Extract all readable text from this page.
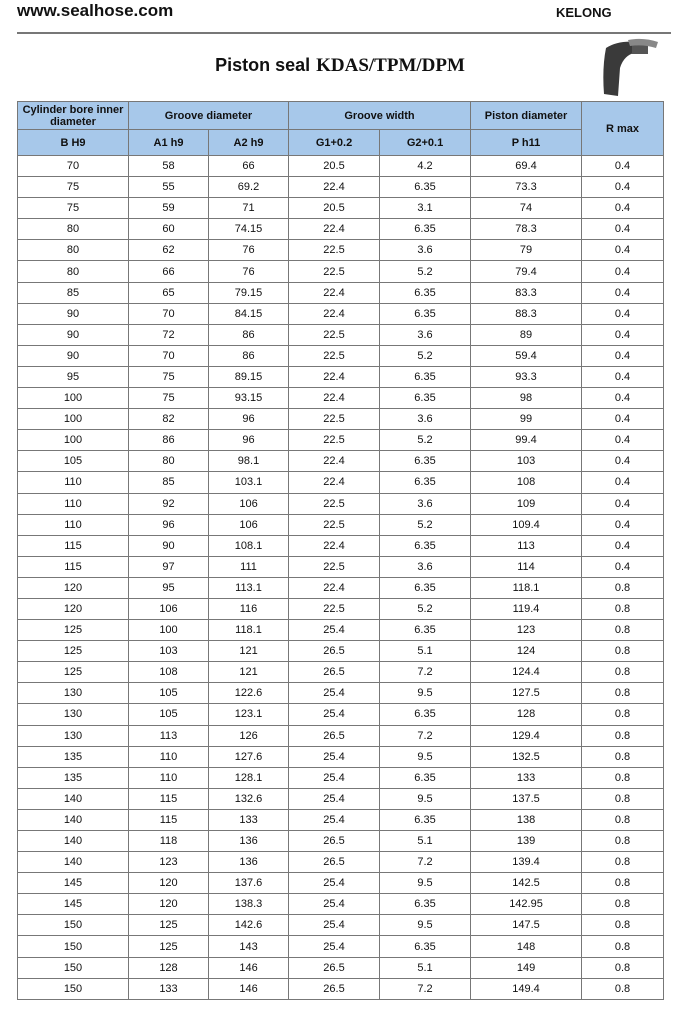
www.sealhose.com	KELONG
Piston seal KDAS/TPM/DPM
Cylinder bore inner diameter	Groove diameter		Groove width		Piston diameter	R max
B H9	A1 h9	A2 h9	G1+0.2	G2+0.1	P h11	
70	58	66	20.5	4.2	69.4	0.4
75	55	69.2	22.4	6.35	73.3	0.4
75	59	71	20.5	3.1	74	0.4
80	60	74.15	22.4	6.35	78.3	0.4
80	62	76	22.5	3.6	79	0.4
80	66	76	22.5	5.2	79.4	0.4
85	65	79.15	22.4	6.35	83.3	0.4
90	70	84.15	22.4	6.35	88.3	0.4
90	72	86	22.5	3.6	89	0.4
90	70	86	22.5	5.2	59.4	0.4
95	75	89.15	22.4	6.35	93.3	0.4
100	75	93.15	22.4	6.35	98	0.4
100	82	96	22.5	3.6	99	0.4
100	86	96	22.5	5.2	99.4	0.4
105	80	98.1	22.4	6.35	103	0.4
110	85	103.1	22.4	6.35	108	0.4
110	92	106	22.5	3.6	109	0.4
110	96	106	22.5	5.2	109.4	0.4
115	90	108.1	22.4	6.35	113	0.4
115	97	111	22.5	3.6	114	0.4
120	95	113.1	22.4	6.35	118.1	0.8
120	106	116	22.5	5.2	119.4	0.8
125	100	118.1	25.4	6.35	123	0.8
125	103	121	26.5	5.1	124	0.8
125	108	121	26.5	7.2	124.4	0.8
130	105	122.6	25.4	9.5	127.5	0.8
130	105	123.1	25.4	6.35	128	0.8
130	113	126	26.5	7.2	129.4	0.8
135	110	127.6	25.4	9.5	132.5	0.8
135	110	128.1	25.4	6.35	133	0.8
140	115	132.6	25.4	9.5	137.5	0.8
140	115	133	25.4	6.35	138	0.8
140	118	136	26.5	5.1	139	0.8
140	123	136	26.5	7.2	139.4	0.8
145	120	137.6	25.4	9.5	142.5	0.8
145	120	138.3	25.4	6.35	142.95	0.8
150	125	142.6	25.4	9.5	147.5	0.8
150	125	143	25.4	6.35	148	0.8
150	128	146	26.5	5.1	149	0.8
150	133	146	26.5	7.2	149.4	0.8
